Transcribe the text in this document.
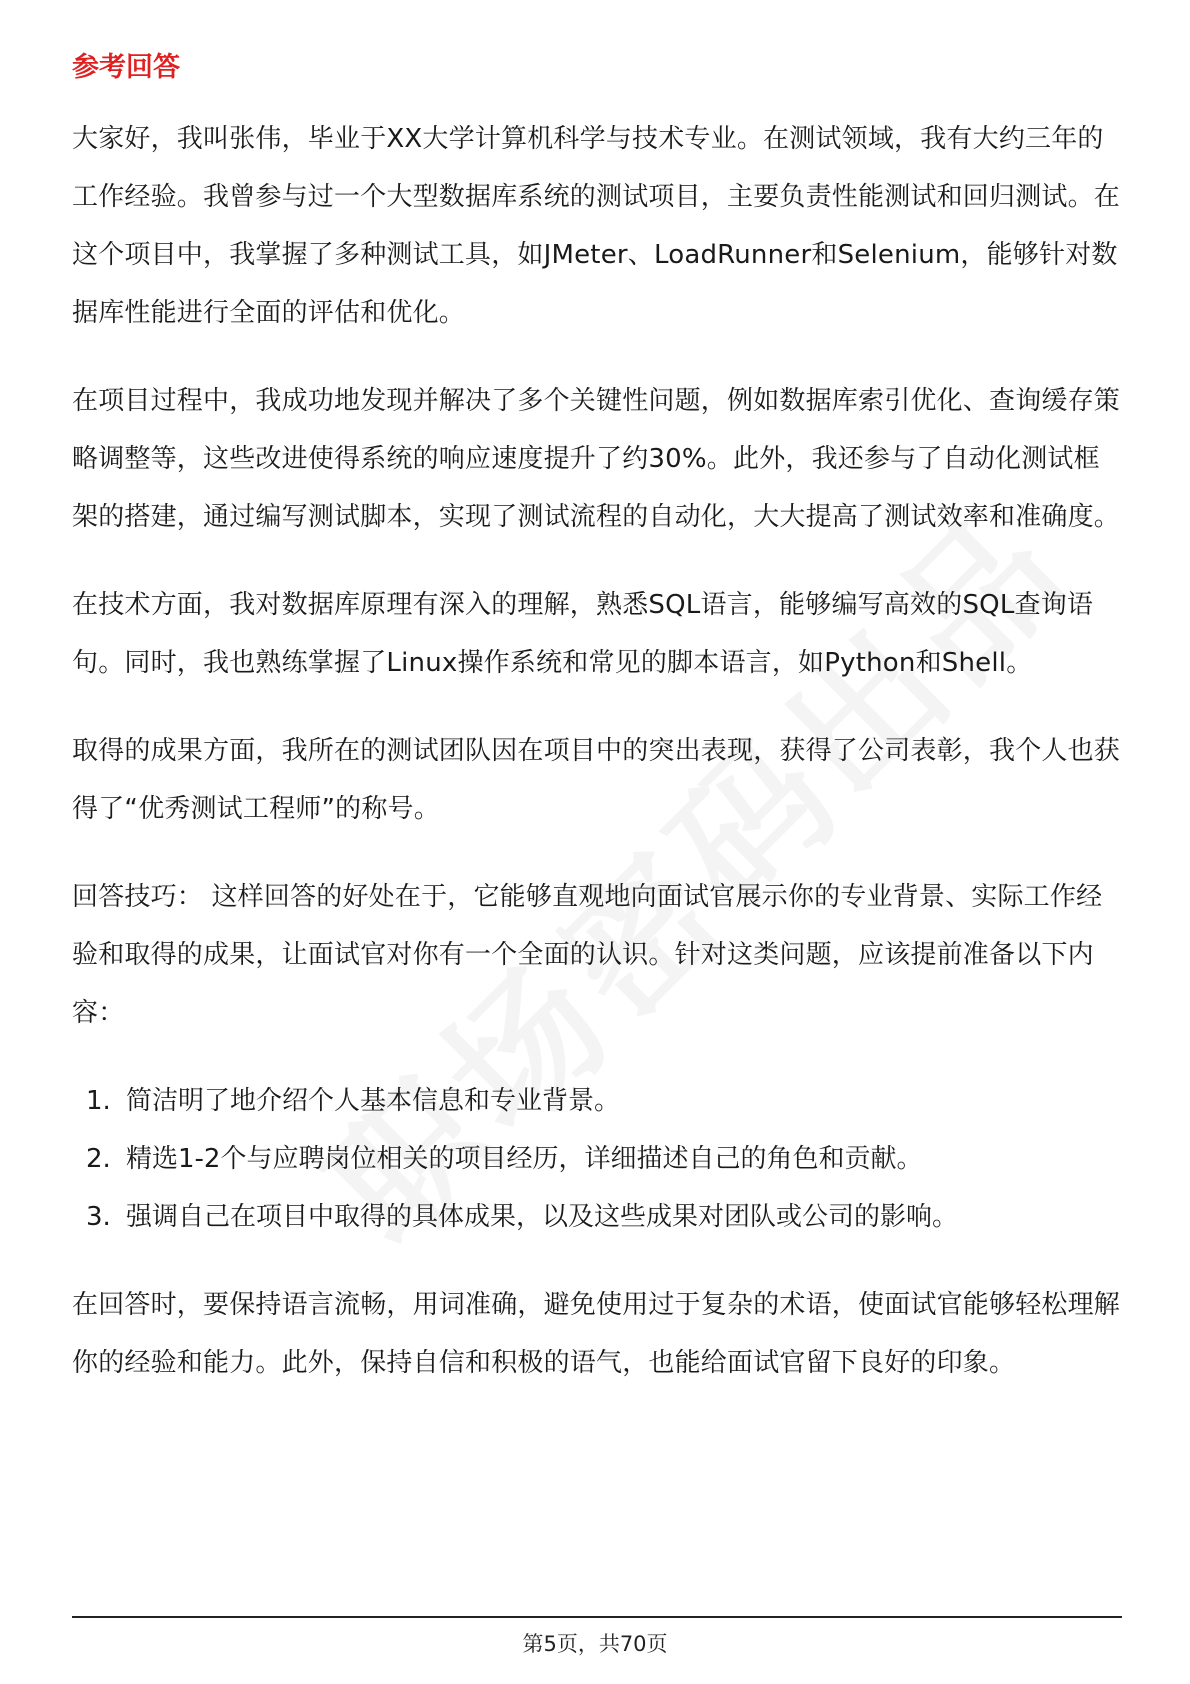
参考回答

大家好，我叫张伟，毕业于XX大学计算机科学与技术专业。在测试领域，我有大约三年的工作经验。我曾参与过一个大型数据库系统的测试项目，主要负责性能测试和回归测试。在这个项目中，我掌握了多种测试工具，如JMeter、LoadRunner和Selenium，能够针对数据库性能进行全面的评估和优化。

在项目过程中，我成功地发现并解决了多个关键性问题，例如数据库索引优化、查询缓存策略调整等，这些改进使得系统的响应速度提升了约30%。此外，我还参与了自动化测试框架的搭建，通过编写测试脚本，实现了测试流程的自动化，大大提高了测试效率和准确度。

在技术方面，我对数据库原理有深入的理解，熟悉SQL语言，能够编写高效的SQL查询语句。同时，我也熟练掌握了Linux操作系统和常见的脚本语言，如Python和Shell。

取得的成果方面，我所在的测试团队因在项目中的突出表现，获得了公司表彰，我个人也获得了“优秀测试工程师”的称号。

回答技巧： 这样回答的好处在于，它能够直观地向面试官展示你的专业背景、实际工作经验和取得的成果，让面试官对你有一个全面的认识。针对这类问题，应该提前准备以下内容：

1. 简洁明了地介绍个人基本信息和专业背景。
2. 精选1-2个与应聘岗位相关的项目经历，详细描述自己的角色和贡献。
3. 强调自己在项目中取得的具体成果，以及这些成果对团队或公司的影响。

在回答时，要保持语言流畅，用词准确，避免使用过于复杂的术语，使面试官能够轻松理解你的经验和能力。此外，保持自信和积极的语气，也能给面试官留下良好的印象。

第5页，共70页
